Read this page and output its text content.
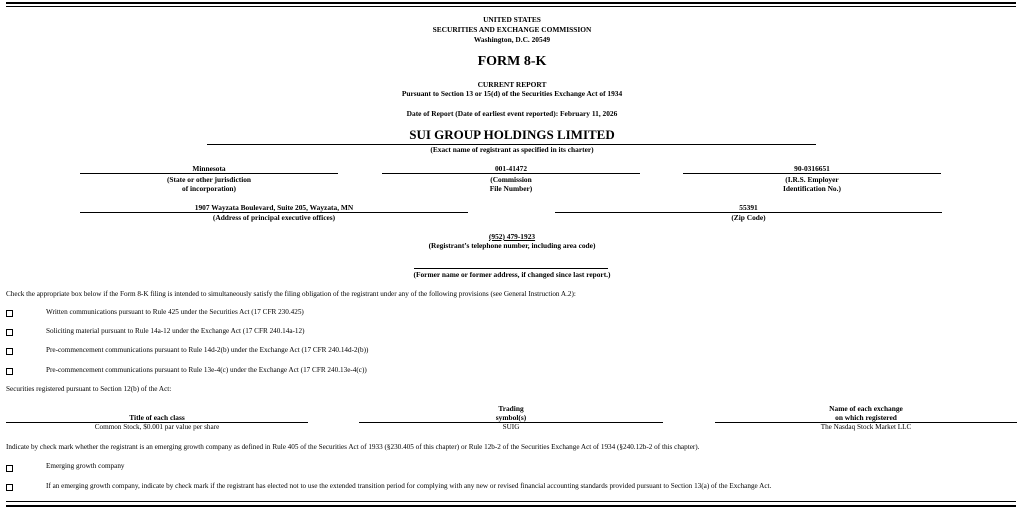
UNITED STATES
SECURITIES AND EXCHANGE COMMISSION
Washington, D.C. 20549
FORM 8-K
CURRENT REPORT
Pursuant to Section 13 or 15(d) of the Securities Exchange Act of 1934
Date of Report (Date of earliest event reported): February 11, 2026
SUI GROUP HOLDINGS LIMITED
(Exact name of registrant as specified in its charter)
Minnesota
(State or other jurisdiction
of incorporation)
001-41472
(Commission
File Number)
90-0316651
(I.R.S. Employer
Identification No.)
1907 Wayzata Boulevard, Suite 205, Wayzata, MN
(Address of principal executive offices)
55391
(Zip Code)
(952) 479-1923
(Registrant’s telephone number, including area code)
(Former name or former address, if changed since last report.)
Check the appropriate box below if the Form 8-K filing is intended to simultaneously satisfy the filing obligation of the registrant under any of the following provisions (see General Instruction A.2):
Written communications pursuant to Rule 425 under the Securities Act (17 CFR 230.425)
Soliciting material pursuant to Rule 14a-12 under the Exchange Act (17 CFR 240.14a-12)
Pre-commencement communications pursuant to Rule 14d-2(b) under the Exchange Act (17 CFR 240.14d-2(b))
Pre-commencement communications pursuant to Rule 13e-4(c) under the Exchange Act (17 CFR 240.13e-4(c))
Securities registered pursuant to Section 12(b) of the Act:
Title of each class
Trading
symbol(s)
Name of each exchange
on which registered
Common Stock, $0.001 par value per share	SUIG	The Nasdaq Stock Market LLC
Indicate by check mark whether the registrant is an emerging growth company as defined in Rule 405 of the Securities Act of 1933 (§230.405 of this chapter) or Rule 12b-2 of the Securities Exchange Act of 1934 (§240.12b-2 of this chapter).
Emerging growth company
If an emerging growth company, indicate by check mark if the registrant has elected not to use the extended transition period for complying with any new or revised financial accounting standards provided pursuant to Section 13(a) of the Exchange Act.
